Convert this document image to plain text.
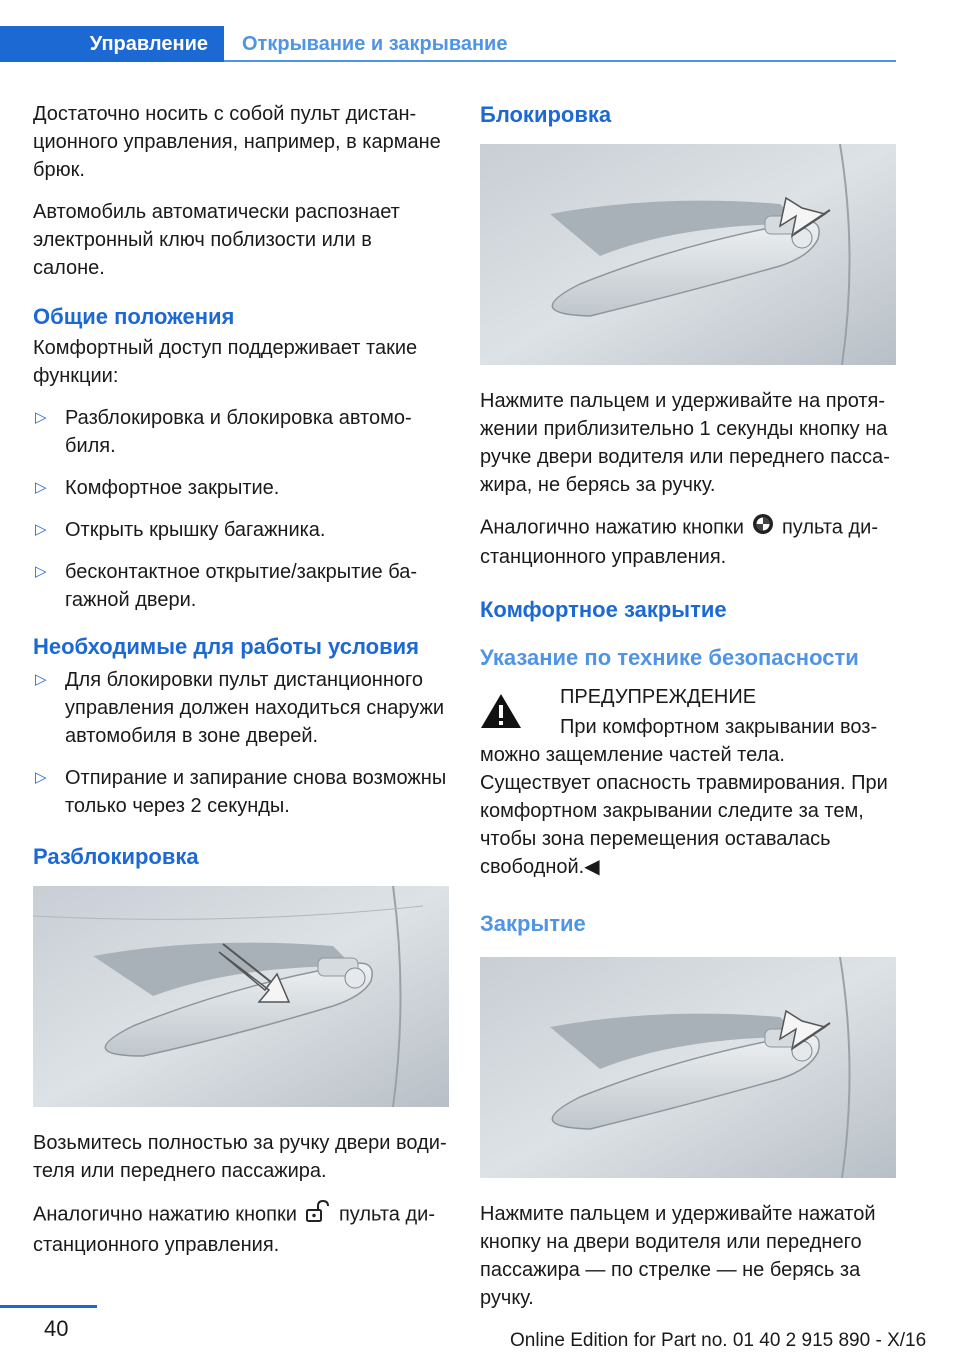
Управление	Открывание и закрывание

Достаточно носить с собой пульт дистанционного управления, например, в кармане брюк.

Автомобиль автоматически распознает электронный ключ поблизости или в салоне.

Общие положения

Комфортный доступ поддерживает такие функции:

▷ Разблокировка и блокировка автомобиля.
▷ Комфортное закрытие.
▷ Открыть крышку багажника.
▷ бесконтактное открытие/закрытие багажной двери.
Необходимые для работы условия
▷ Для блокировки пульт дистанционного управления должен находиться снаружи автомобиля в зоне дверей.
▷ Отпирание и запирание снова возможны только через 2 секунды.
Разблокировка

Возьмитесь полностью за ручку двери водителя или переднего пассажира.

Аналогично нажатию кнопки пульта дистанционного управления.

Блокировка

Нажмите пальцем и удерживайте на протяжении приблизительно 1 секунды кнопку на ручке двери водителя или переднего пассажира, не берясь за ручку.

Аналогично нажатию кнопки пульта дистанционного управления.

Комфортное закрытие
Указание по технике безопасности
ПРЕДУПРЕЖДЕНИЕ

При комфортном закрывании возможно защемление частей тела. Существует опасность травмирования. При комфортном закрывании следите за тем, чтобы зона перемещения оставалась свободной.◀

Закрытие

Нажмите пальцем и удерживайте нажатой кнопку на двери водителя или переднего пассажира — по стрелке — не берясь за ручку.

40	Online Edition for Part no. 01 40 2 915 890 - X/16
